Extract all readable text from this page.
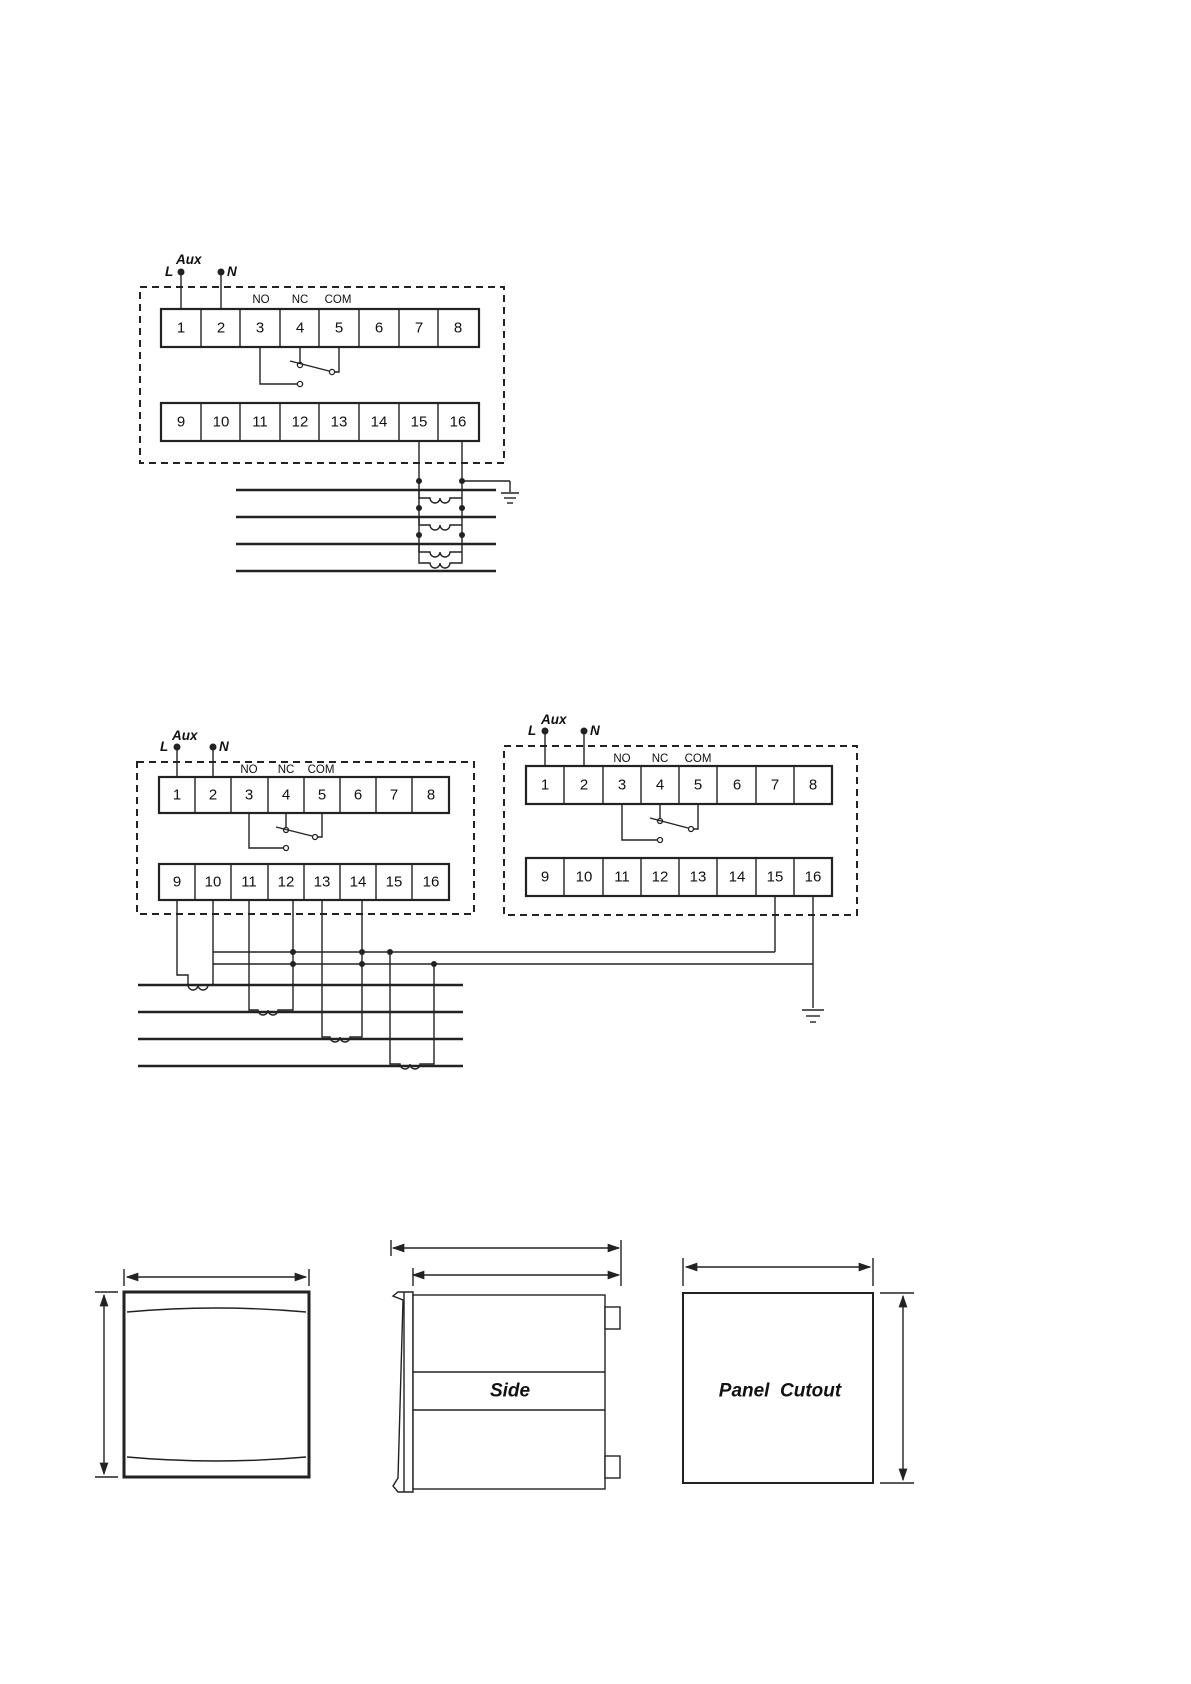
L
Aux
N
NO NC COM
1 2 3 4 5 6 7 8
9 10 11 12 13 14 15 16
L
Aux
N
NO NC COM
1 2 3 4 5 6 7 8
9 10 11 12 13 14 15 16
L
Aux
N
NO NC COM
1 2 3 4 5 6 7 8
9 10 11 12 13 14 15 16
Side	Panel  Cutout
